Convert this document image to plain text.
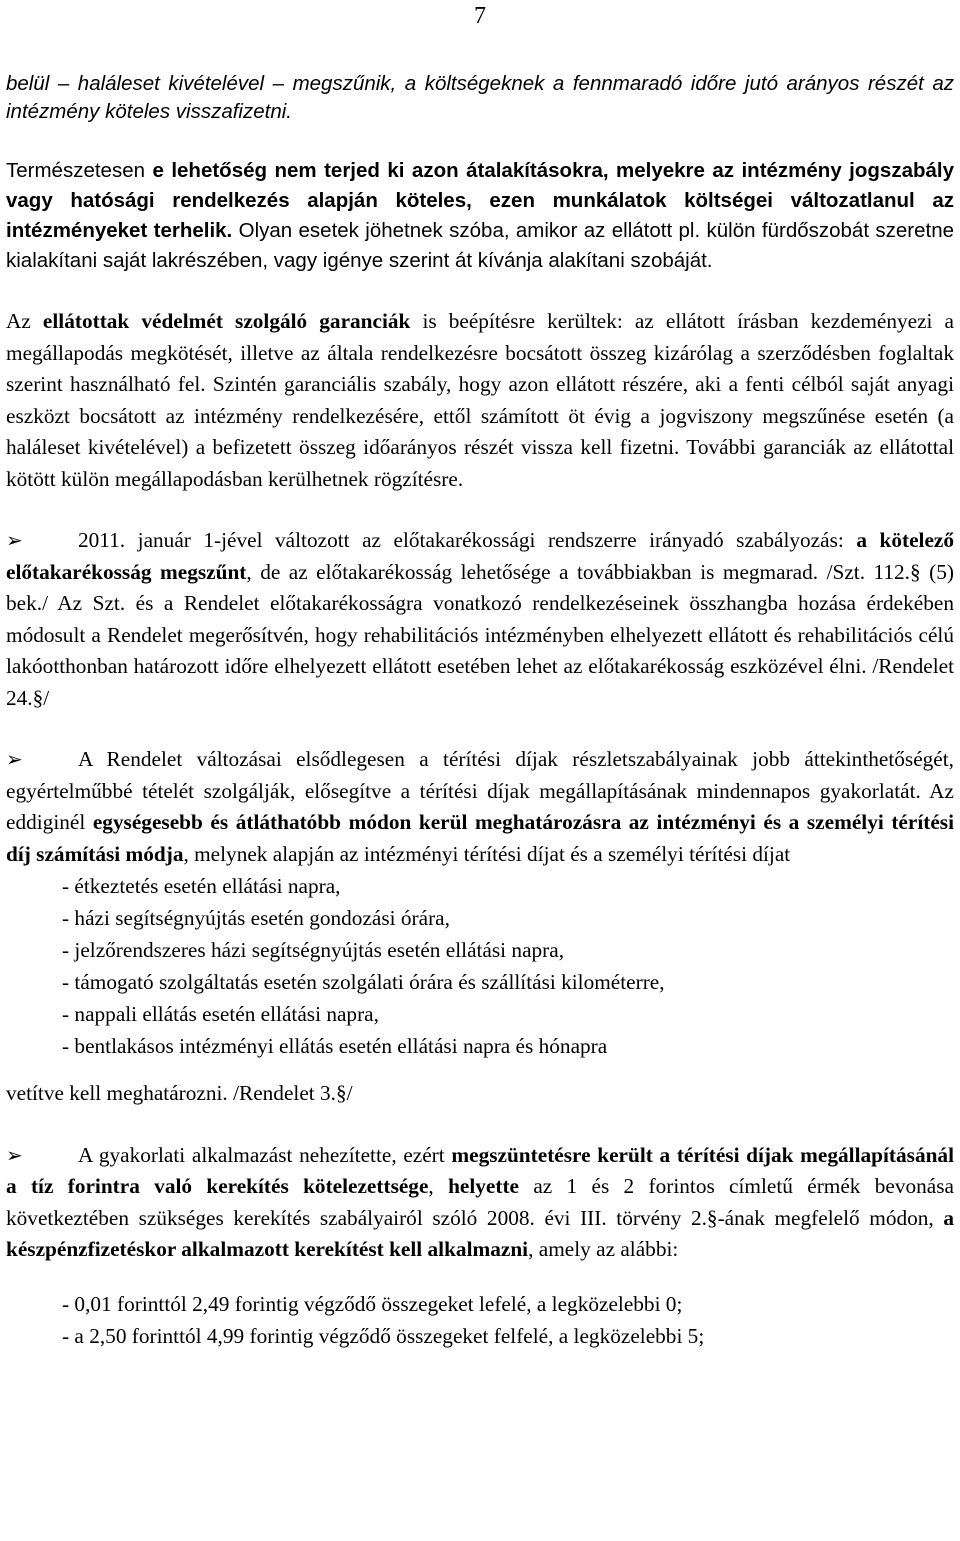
7

belül – haláleset kivételével – megszűnik, a költségeknek a fennmaradó időre jutó arányos részét az intézmény köteles visszafizetni.

Természetesen e lehetőség nem terjed ki azon átalakításokra, melyekre az intézmény jogszabály vagy hatósági rendelkezés alapján köteles, ezen munkálatok költségei változatlanul az intézményeket terhelik. Olyan esetek jöhetnek szóba, amikor az ellátott pl. külön fürdőszobát szeretne kialakítani saját lakrészében, vagy igénye szerint át kívánja alakítani szobáját.

Az ellátottak védelmét szolgáló garanciák is beépítésre kerültek: az ellátott írásban kezdeményezi a megállapodás megkötését, illetve az általa rendelkezésre bocsátott összeg kizárólag a szerződésben foglaltak szerint használható fel. Szintén garanciális szabály, hogy azon ellátott részére, aki a fenti célból saját anyagi eszközt bocsátott az intézmény rendelkezésére, ettől számított öt évig a jogviszony megszűnése esetén (a haláleset kivételével) a befizetett összeg időarányos részét vissza kell fizetni. További garanciák az ellátottal kötött külön megállapodásban kerülhetnek rögzítésre.

➢	2011. január 1-jével változott az előtakarékossági rendszerre irányadó szabályozás: a kötelező előtakarékosság megszűnt, de az előtakarékosság lehetősége a továbbiakban is megmarad. /Szt. 112.§ (5) bek./ Az Szt. és a Rendelet előtakarékosságra vonatkozó rendelkezéseinek összhangba hozása érdekében módosult a Rendelet megerősítvén, hogy rehabilitációs intézményben elhelyezett ellátott és rehabilitációs célú lakóotthonban határozott időre elhelyezett ellátott esetében lehet az előtakarékosság eszközével élni. /Rendelet 24.§/

➢	A Rendelet változásai elsődlegesen a térítési díjak részletszabályainak jobb áttekinthetőségét, egyértelműbbé tételét szolgálják, elősegítve a térítési díjak megállapításának mindennapos gyakorlatát. Az eddiginél egységesebb és átláthatóbb módon kerül meghatározásra az intézményi és a személyi térítési díj számítási módja, melynek alapján az intézményi térítési díjat és a személyi térítési díjat

- étkeztetés esetén ellátási napra,
- házi segítségnyújtás esetén gondozási órára,
- jelzőrendszeres házi segítségnyújtás esetén ellátási napra,
- támogató szolgáltatás esetén szolgálati órára és szállítási kilométerre,
- nappali ellátás esetén ellátási napra,
- bentlakásos intézményi ellátás esetén ellátási napra és hónapra

vetítve kell meghatározni. /Rendelet 3.§/

➢	A gyakorlati alkalmazást nehezítette, ezért megszüntetésre került a térítési díjak megállapításánál a tíz forintra való kerekítés kötelezettsége, helyette az 1 és 2 forintos címletű érmék bevonása következtében szükséges kerekítés szabályairól szóló 2008. évi III. törvény 2.§-ának megfelelő módon, a készpénzfizetéskor alkalmazott kerekítést kell alkalmazni, amely az alábbi:

- 0,01 forinttól 2,49 forintig végződő összegeket lefelé, a legközelebbi 0;
- a 2,50 forinttól 4,99 forintig végződő összegeket felfelé, a legközelebbi 5;
